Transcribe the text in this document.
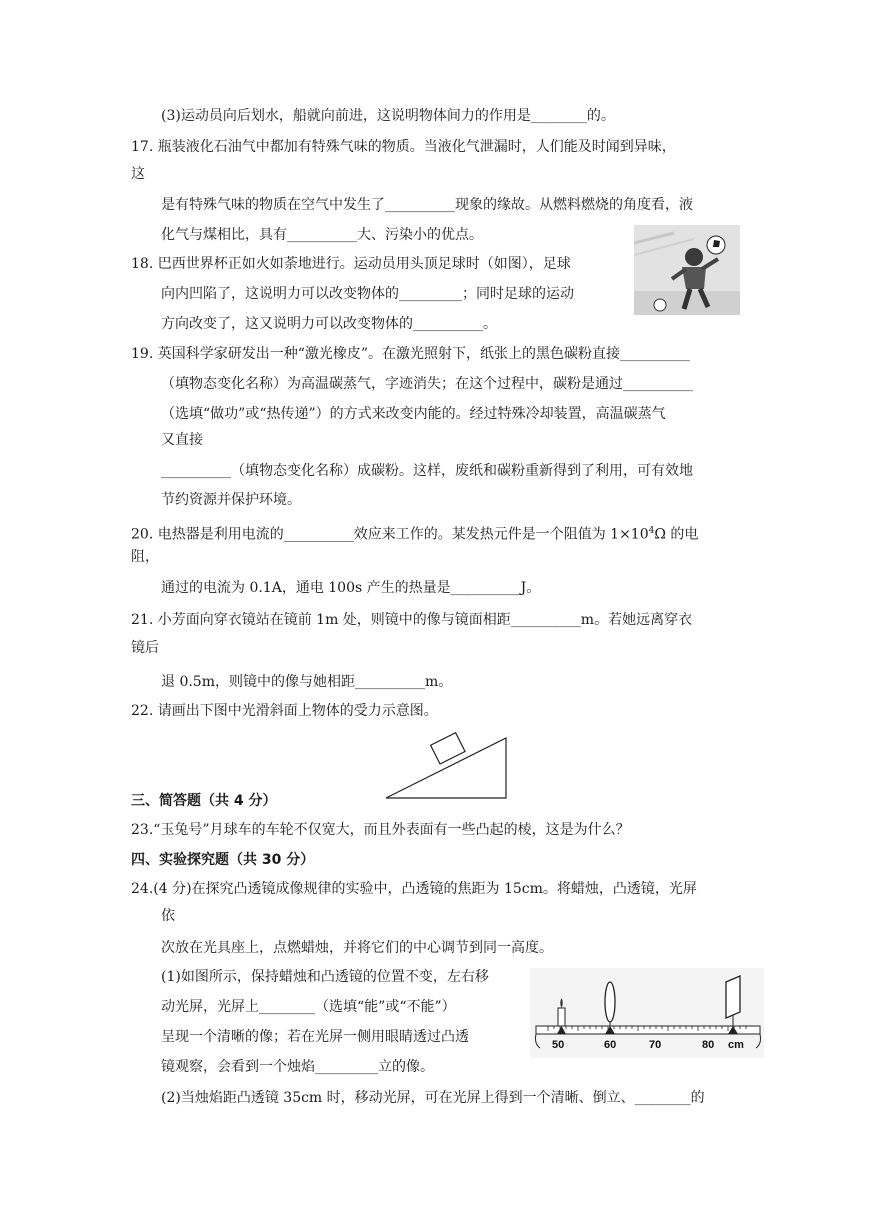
(3)运动员向后划水，船就向前进，这说明物体间力的作用是________的。
17. 瓶装液化石油气中都加有特殊气味的物质。当液化气泄漏时，人们能及时闻到异味，
这
是有特殊气味的物质在空气中发生了__________现象的缘故。从燃料燃烧的角度看，液
化气与煤相比，具有__________大、污染小的优点。
18. 巴西世界杯正如火如荼地进行。运动员用头顶足球时（如图），足球
向内凹陷了，这说明力可以改变物体的_________；同时足球的运动
方向改变了，这又说明力可以改变物体的__________。
19. 英国科学家研发出一种“激光橡皮”。在激光照射下，纸张上的黑色碳粉直接__________
（填物态变化名称）为高温碳蒸气，字迹消失；在这个过程中，碳粉是通过__________
（选填“做功”或“热传递”）的方式来改变内能的。经过特殊冷却装置，高温碳蒸气
又直接
__________（填物态变化名称）成碳粉。这样，废纸和碳粉重新得到了利用，可有效地
节约资源并保护环境。
20. 电热器是利用电流的__________效应来工作的。某发热元件是一个阻值为 $1\times 10^4\Omega$ 的电
阻，
通过的电流为 0.1A，通电 100s 产生的热量是__________J。
21. 小芳面向穿衣镜站在镜前 1m 处，则镜中的像与镜面相距__________m。若她远离穿衣
镜后
退 0.5m，则镜中的像与她相距__________m。
22. 请画出下图中光滑斜面上物体的受力示意图。
三、简答题（共 4 分）
23.“玉兔号”月球车的车轮不仅宽大，而且外表面有一些凸起的棱，这是为什么？
四、实验探究题（共 30 分）
24.(4 分)在探究凸透镜成像规律的实验中，凸透镜的焦距为 15cm。将蜡烛，凸透镜，光屏
依
次放在光具座上，点燃蜡烛，并将它们的中心调节到同一高度。
(1)如图所示，保持蜡烛和凸透镜的位置不变，左右移
动光屏，光屏上________（选填“能”或“不能”）
呈现一个清晰的像；若在光屏一侧用眼睛透过凸透
镜观察，会看到一个烛焰_________立的像。
50	60	70	80 cm
(2)当烛焰距凸透镜 35cm 时，移动光屏，可在光屏上得到一个清晰、倒立、________的
